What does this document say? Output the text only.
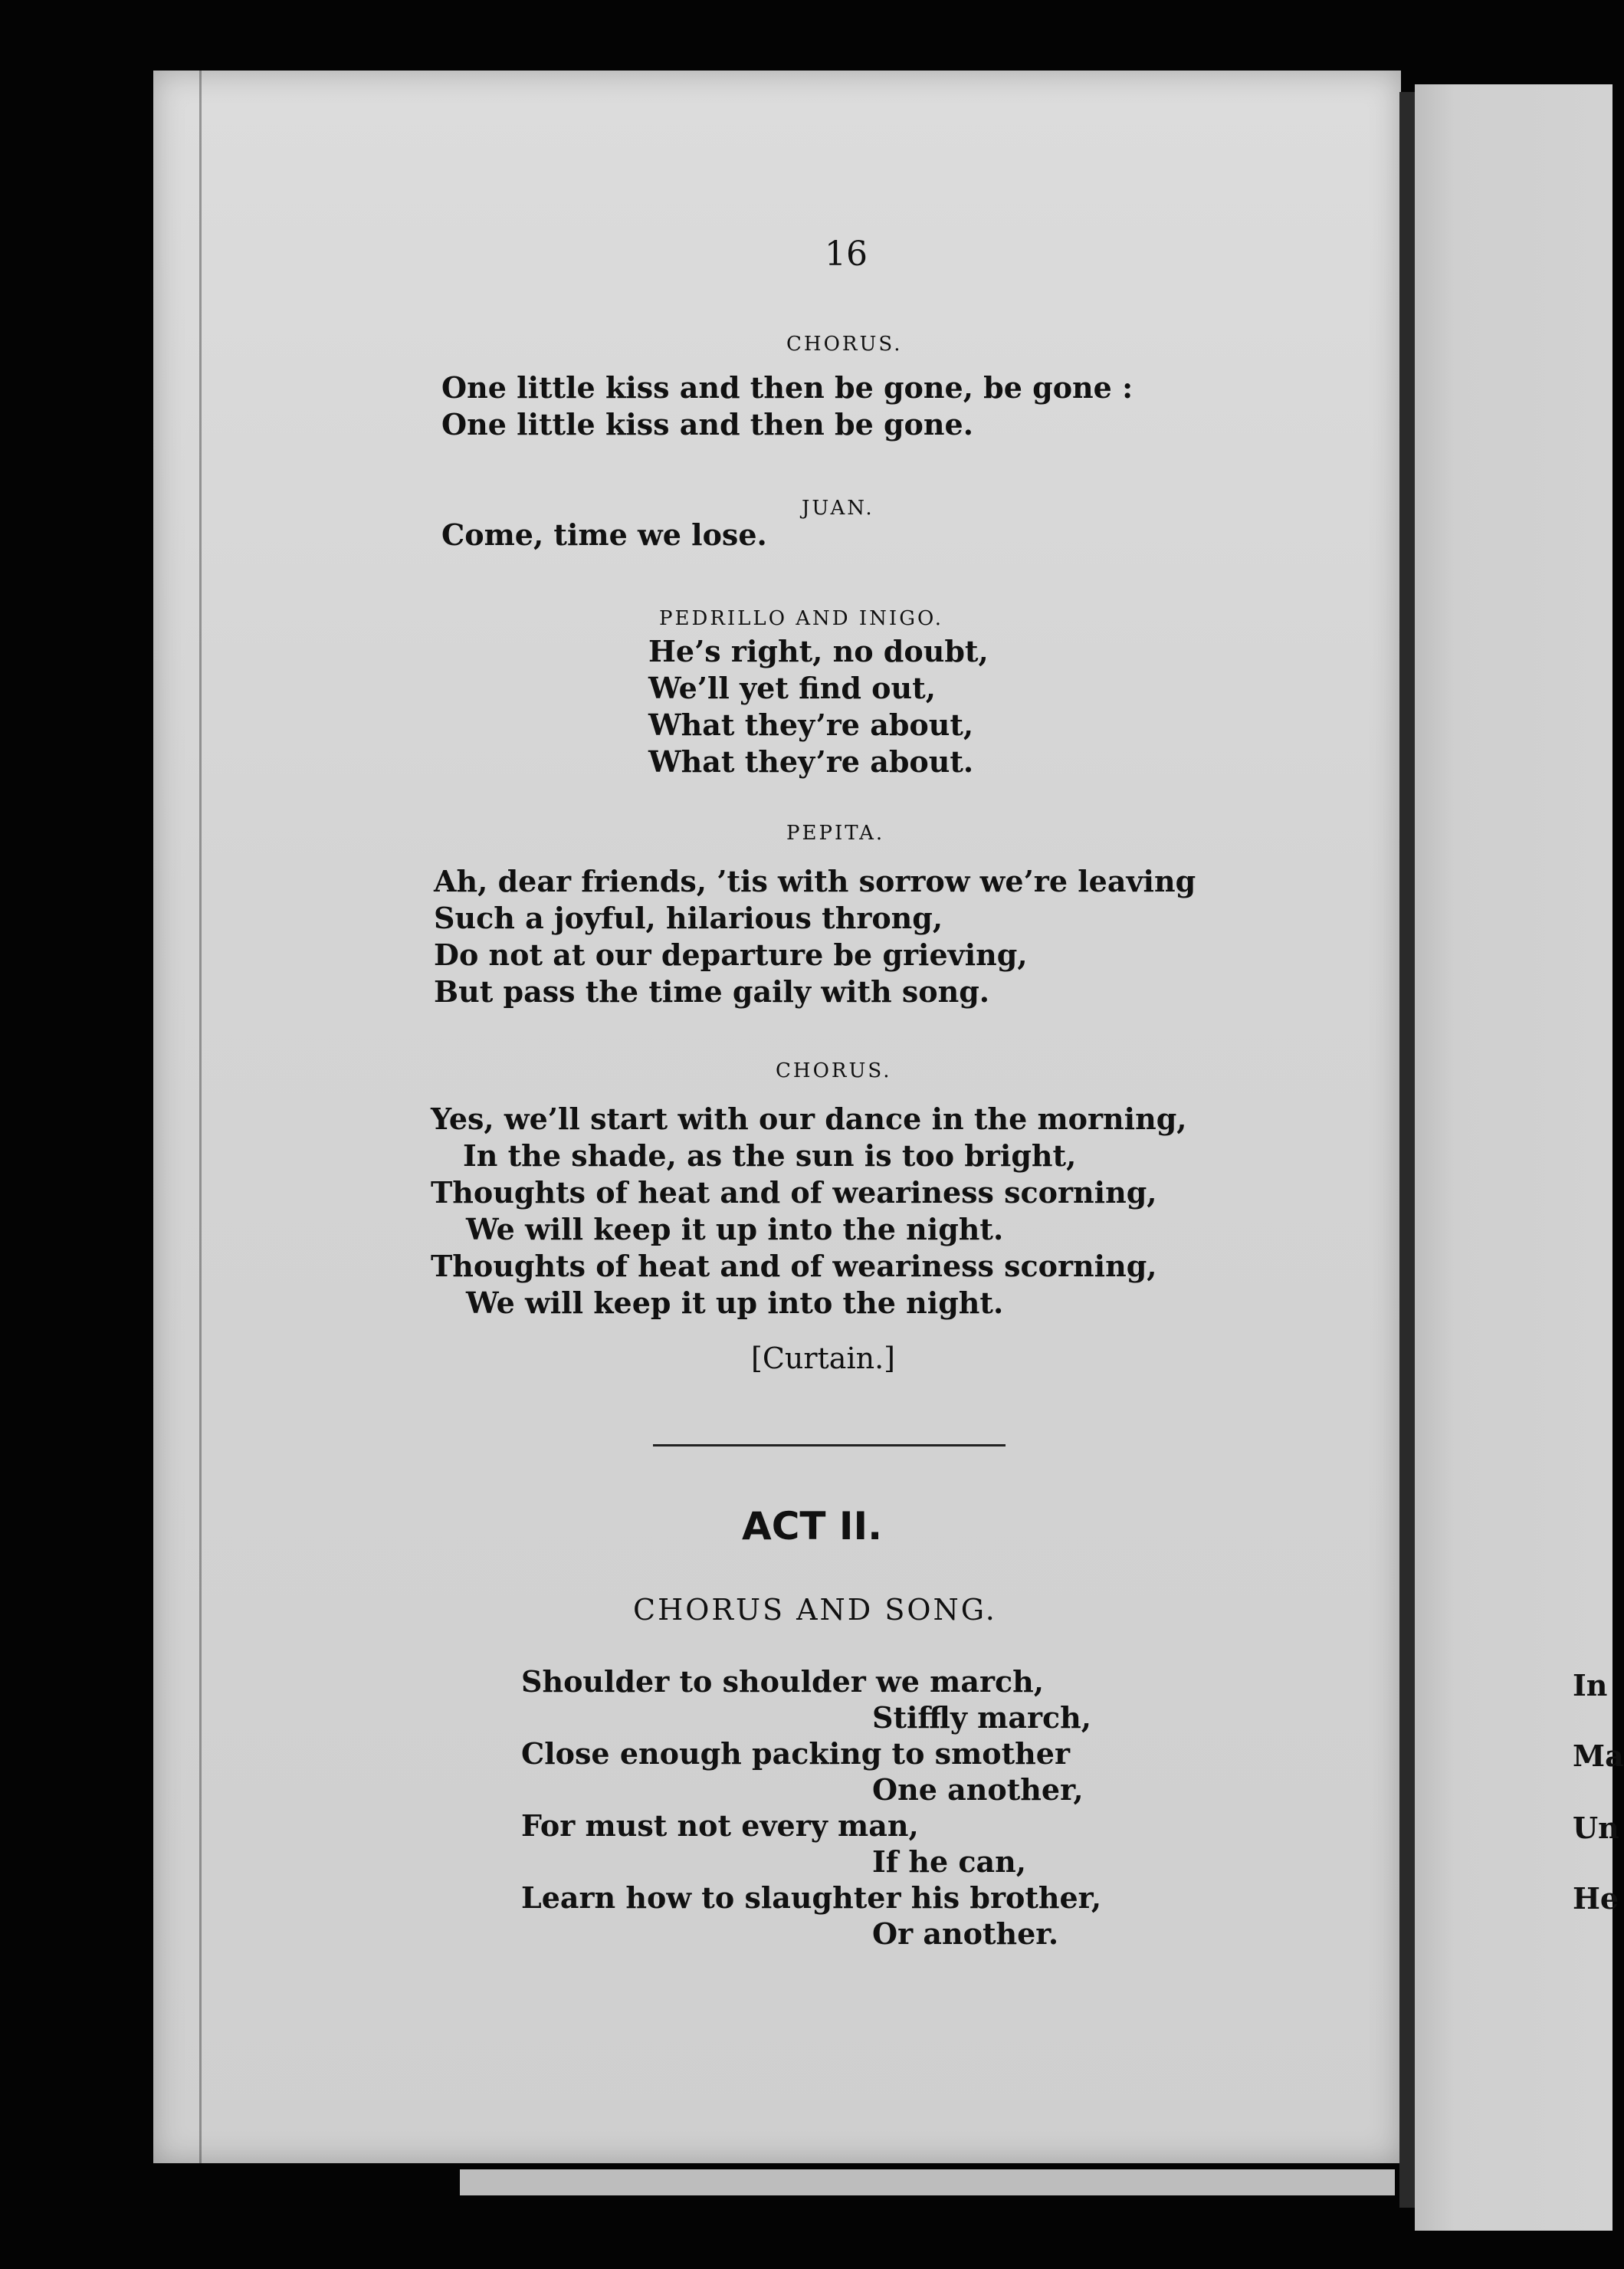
16
CHORUS.
One little kiss and then be gone, be gone :
One little kiss and then be gone.
JUAN.
Come, time we lose.
PEDRILLO AND INIGO.
He’s right, no doubt,
We’ll yet find out,
What they’re about,
What they’re about.
PEPITA.
Ah, dear friends, ’tis with sorrow we’re leaving
Such a joyful, hilarious throng,
Do not at our departure be grieving,
But pass the time gaily with song.
CHORUS.
Yes, we’ll start with our dance in the morning,
In the shade, as the sun is too bright,
Thoughts of heat and of weariness scorning,
We will keep it up into the night.
Thoughts of heat and of weariness scorning,
We will keep it up into the night.
[Curtain.]
ACT II.
CHORUS AND SONG.
Shoulder to shoulder we march,
Stiffly march,
Close enough packing to smother
One another,
For must not every man,
If he can,
Learn how to slaughter his brother,
Or another.
In
Ma
Un
He
